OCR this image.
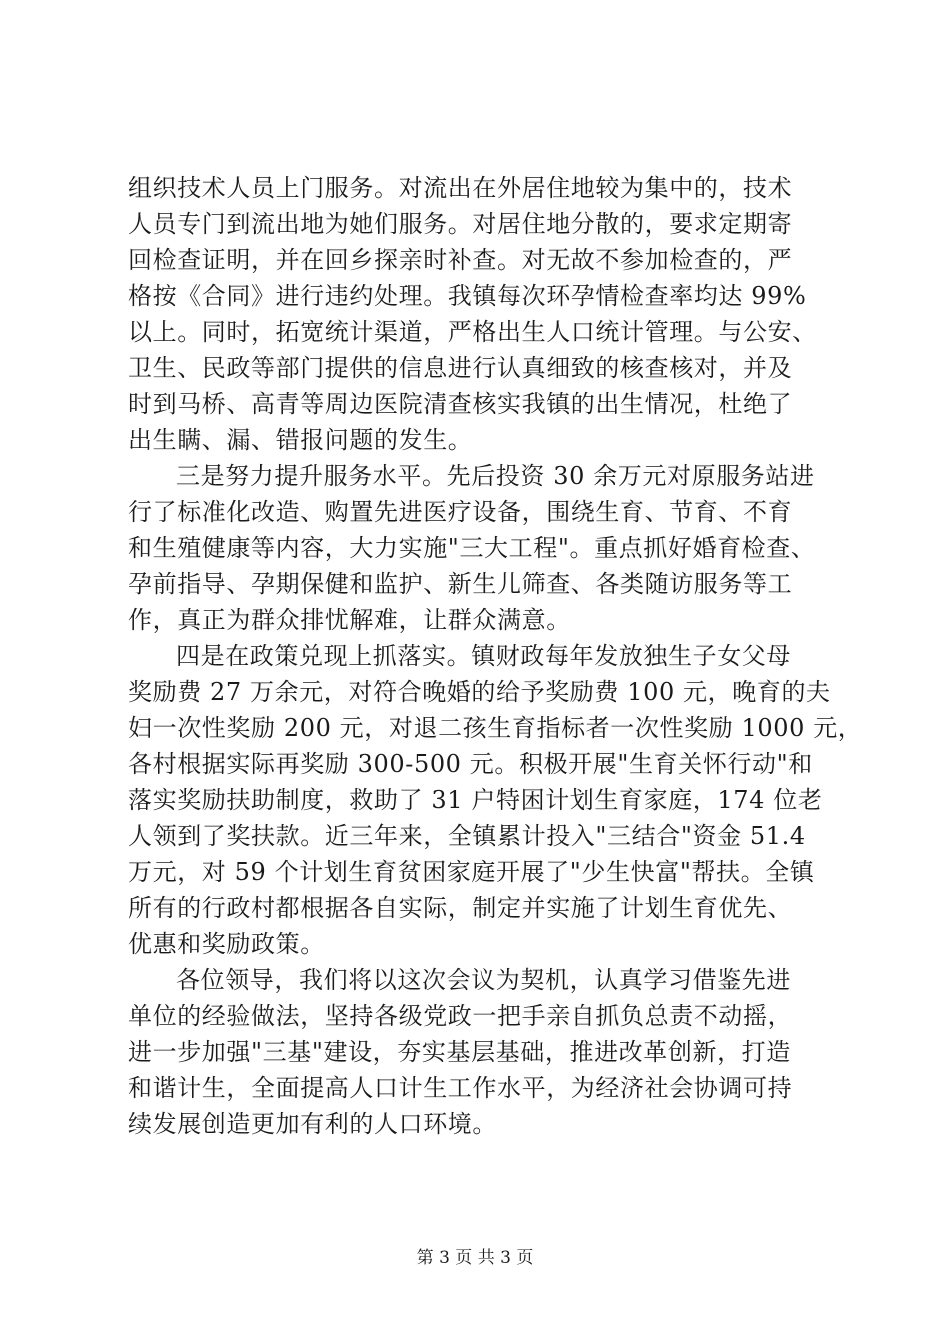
组织技术人员上门服务。对流出在外居住地较为集中的，技术
人员专门到流出地为她们服务。对居住地分散的，要求定期寄
回检查证明，并在回乡探亲时补查。对无故不参加检查的，严
格按《合同》进行违约处理。我镇每次环孕情检查率均达 99%
以上。同时，拓宽统计渠道，严格出生人口统计管理。与公安、
卫生、民政等部门提供的信息进行认真细致的核查核对，并及
时到马桥、高青等周边医院清查核实我镇的出生情况，杜绝了
出生瞒、漏、错报问题的发生。
三是努力提升服务水平。先后投资 30 余万元对原服务站进
行了标准化改造、购置先进医疗设备，围绕生育、节育、不育
和生殖健康等内容，大力实施"三大工程"。重点抓好婚育检查、
孕前指导、孕期保健和监护、新生儿筛查、各类随访服务等工
作，真正为群众排忧解难，让群众满意。
四是在政策兑现上抓落实。镇财政每年发放独生子女父母
奖励费 27 万余元，对符合晚婚的给予奖励费 100 元，晚育的夫
妇一次性奖励 200 元，对退二孩生育指标者一次性奖励 1000 元，
各村根据实际再奖励 300-500 元。积极开展"生育关怀行动"和
落实奖励扶助制度，救助了 31 户特困计划生育家庭，174 位老
人领到了奖扶款。近三年来，全镇累计投入"三结合"资金 51.4
万元，对 59 个计划生育贫困家庭开展了"少生快富"帮扶。全镇
所有的行政村都根据各自实际，制定并实施了计划生育优先、
优惠和奖励政策。
各位领导，我们将以这次会议为契机，认真学习借鉴先进
单位的经验做法，坚持各级党政一把手亲自抓负总责不动摇，
进一步加强"三基"建设，夯实基层基础，推进改革创新，打造
和谐计生，全面提高人口计生工作水平，为经济社会协调可持
续发展创造更加有利的人口环境。
第 3 页 共 3 页
